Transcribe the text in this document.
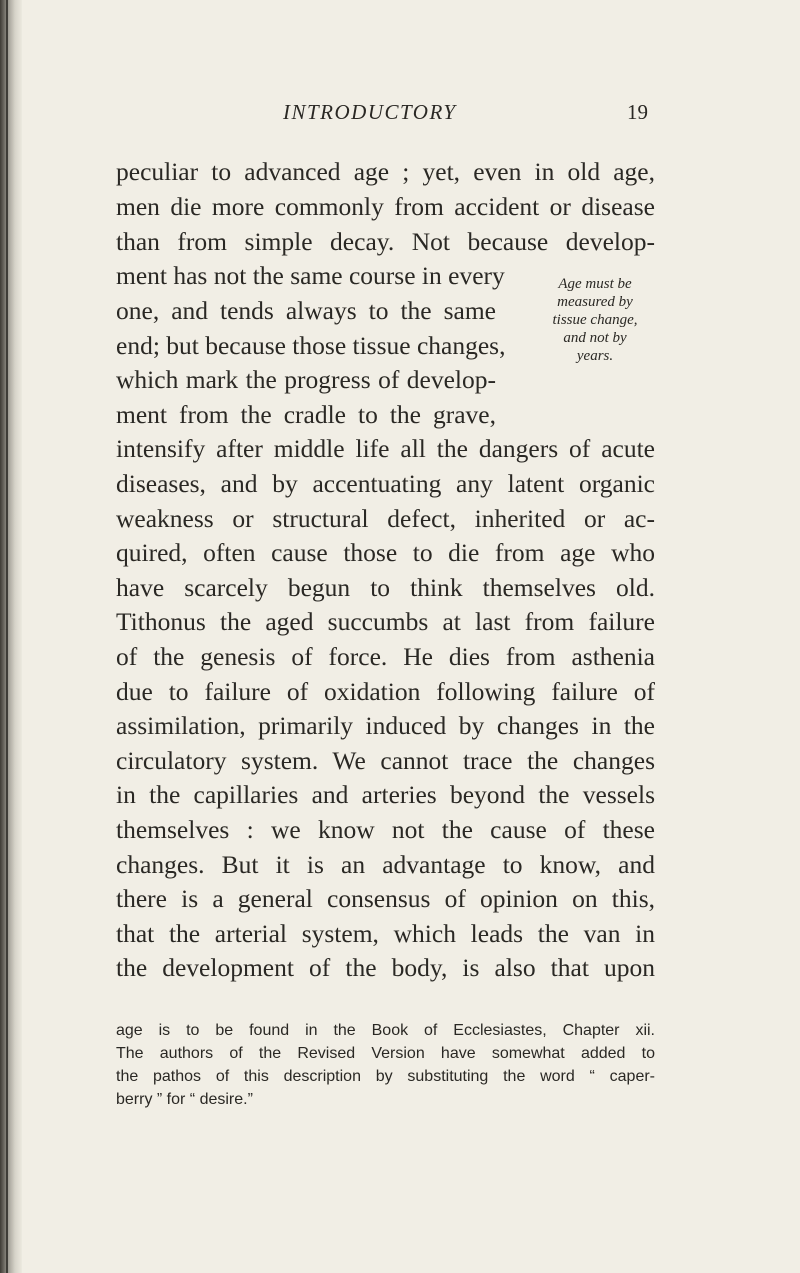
INTRODUCTORY	19
peculiar to advanced age ; yet, even in old age,
men die more commonly from accident or disease
than from simple decay. Not because develop-
ment has not the same course in every
one, and tends always to the same
end; but because those tissue changes,
which mark the progress of develop-
ment from the cradle to the grave,
intensify after middle life all the dangers of acute
diseases, and by accentuating any latent organic
weakness or structural defect, inherited or ac-
quired, often cause those to die from age who
have scarcely begun to think themselves old.
Tithonus the aged succumbs at last from failure
of the genesis of force. He dies from asthenia
due to failure of oxidation following failure of
assimilation, primarily induced by changes in the
circulatory system. We cannot trace the changes
in the capillaries and arteries beyond the vessels
themselves : we know not the cause of these
changes. But it is an advantage to know, and
there is a general consensus of opinion on this,
that the arterial system, which leads the van in
the development of the body, is also that upon
Age must be
measured by
tissue change,
and not by
years.
age is to be found in the Book of Ecclesiastes, Chapter xii.
The authors of the Revised Version have somewhat added to
the pathos of this description by substituting the word “ caper-
berry ” for “ desire.”
